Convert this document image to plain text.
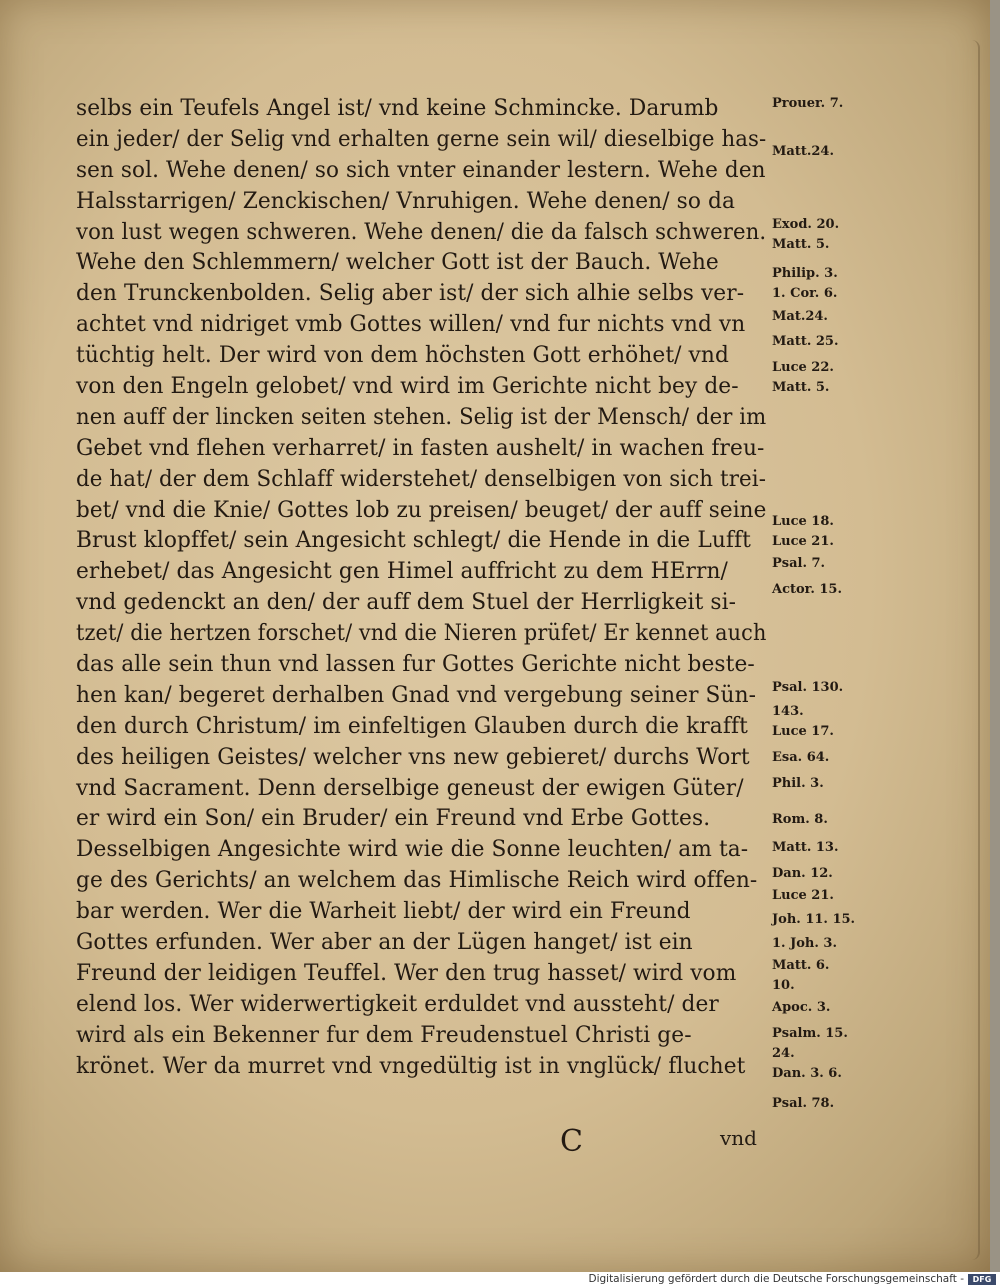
selbs ein Teufels Angel ist/ vnd keine Schmincke. Darumb
ein jeder/ der Selig vnd erhalten gerne sein wil/ dieselbige has-
sen sol. Wehe denen/ so sich vnter einander lestern. Wehe den
Halsstarrigen/ Zenckischen/ Vnruhigen. Wehe denen/ so da
von lust wegen schweren. Wehe denen/ die da falsch schweren.
Wehe den Schlemmern/ welcher Gott ist der Bauch. Wehe
den Trunckenbolden. Selig aber ist/ der sich alhie selbs ver-
achtet vnd nidriget vmb Gottes willen/ vnd fur nichts vnd vn
tüchtig helt. Der wird von dem höchsten Gott erhöhet/ vnd
von den Engeln gelobet/ vnd wird im Gerichte nicht bey de-
nen auff der lincken seiten stehen. Selig ist der Mensch/ der im
Gebet vnd flehen verharret/ in fasten aushelt/ in wachen freu-
de hat/ der dem Schlaff widerstehet/ denselbigen von sich trei-
bet/ vnd die Knie/ Gottes lob zu preisen/ beuget/ der auff seine
Brust klopffet/ sein Angesicht schlegt/ die Hende in die Lufft
erhebet/ das Angesicht gen Himel auffricht zu dem HErrn/
vnd gedenckt an den/ der auff dem Stuel der Herrligkeit si-
tzet/ die hertzen forschet/ vnd die Nieren prüfet/ Er kennet auch
das alle sein thun vnd lassen fur Gottes Gerichte nicht beste-
hen kan/ begeret derhalben Gnad vnd vergebung seiner Sün-
den durch Christum/ im einfeltigen Glauben durch die krafft
des heiligen Geistes/ welcher vns new gebieret/ durchs Wort
vnd Sacrament. Denn derselbige geneust der ewigen Güter/
er wird ein Son/ ein Bruder/ ein Freund vnd Erbe Gottes.
Desselbigen Angesichte wird wie die Sonne leuchten/ am ta-
ge des Gerichts/ an welchem das Himlische Reich wird offen-
bar werden. Wer die Warheit liebt/ der wird ein Freund
Gottes erfunden. Wer aber an der Lügen hanget/ ist ein
Freund der leidigen Teuffel. Wer den trug hasset/ wird vom
elend los. Wer widerwertigkeit erduldet vnd aussteht/ der
wird als ein Bekenner fur dem Freudenstuel Christi ge-
krönet. Wer da murret vnd vngedültig ist in vnglück/ fluchet
Prouer. 7.
Matt.24.
Exod. 20.
Matt. 5.
Philip. 3.
1. Cor. 6.
Mat.24.
Matt. 25.
Luce 22.
Matt. 5.
Luce 18.
Luce 21.
Psal. 7.
Actor. 15.
Psal. 130.
143.
Luce 17.
Esa. 64.
Phil. 3.
Rom. 8.
Matt. 13.
Dan. 12.
Luce 21.
Joh. 11. 15.
1. Joh. 3.
Matt. 6.
10.
Apoc. 3.
Psalm. 15.
24.
Dan. 3. 6.
Psal. 78.
C	vnd
Digitalisierung gefördert durch die Deutsche Forschungsgemeinschaft -	DFG
